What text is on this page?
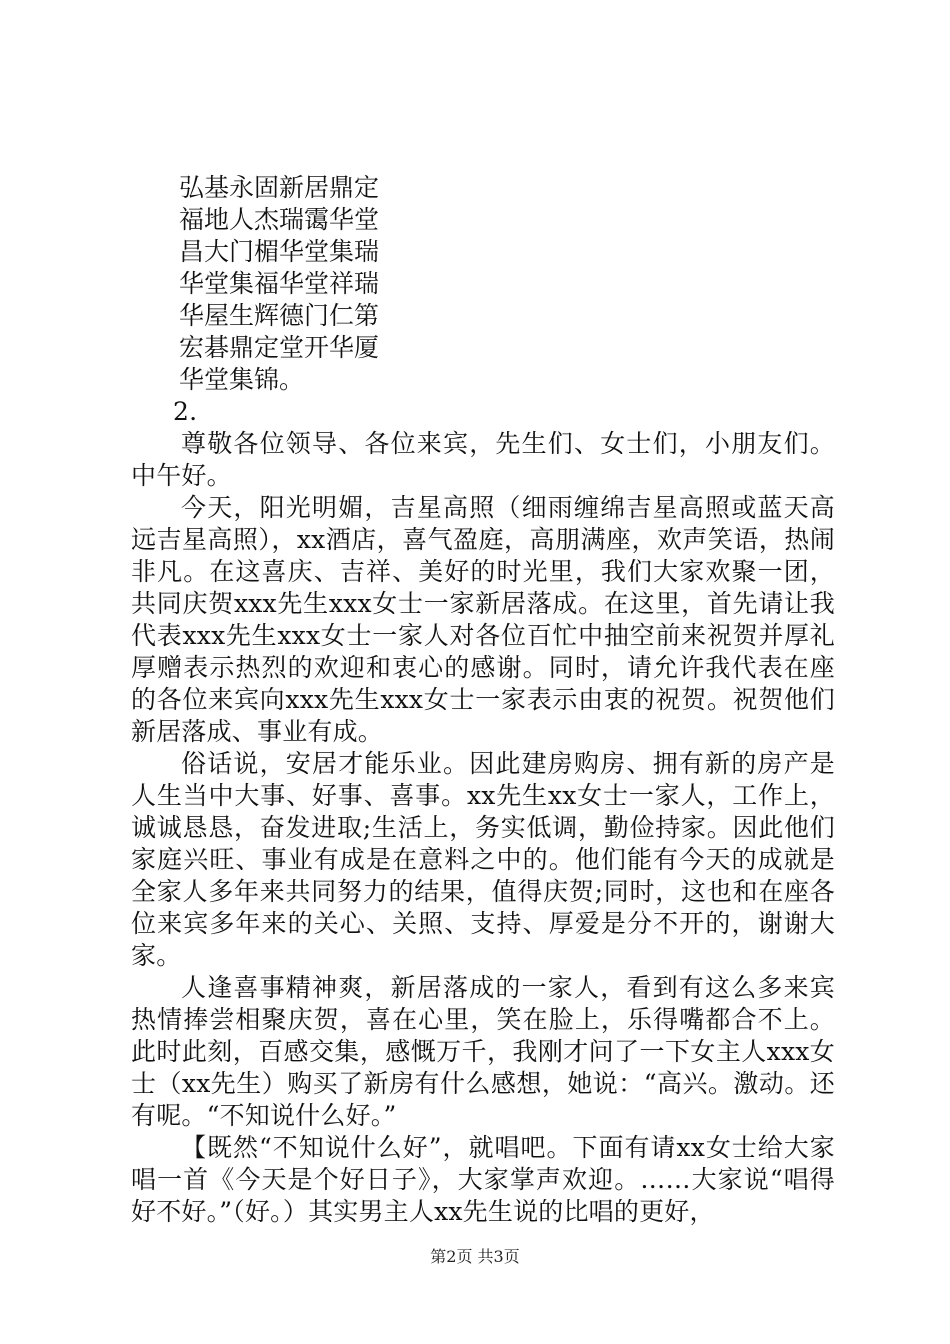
弘基永固新居鼎定
福地人杰瑞霭华堂
昌大门楣华堂集瑞
华堂集福华堂祥瑞
华屋生辉德门仁第
宏碁鼎定堂开华厦
华堂集锦。

2.

尊敬各位领导、各位来宾，先生们、女士们，小朋友们。中午好。

今天，阳光明媚，吉星高照（细雨缠绵吉星高照或蓝天高远吉星高照），xx酒店，喜气盈庭，高朋满座，欢声笑语，热闹非凡。在这喜庆、吉祥、美好的时光里，我们大家欢聚一团，共同庆贺xxx先生xxx女士一家新居落成。在这里，首先请让我代表xxx先生xxx女士一家人对各位百忙中抽空前来祝贺并厚礼厚赠表示热烈的欢迎和衷心的感谢。同时，请允许我代表在座的各位来宾向xxx先生xxx女士一家表示由衷的祝贺。祝贺他们新居落成、事业有成。

俗话说，安居才能乐业。因此建房购房、拥有新的房产是人生当中大事、好事、喜事。xx先生xx女士一家人，工作上，诚诚恳恳，奋发进取;生活上，务实低调，勤俭持家。因此他们家庭兴旺、事业有成是在意料之中的。他们能有今天的成就是全家人多年来共同努力的结果，值得庆贺;同时，这也和在座各位来宾多年来的关心、关照、支持、厚爱是分不开的，谢谢大家。

人逢喜事精神爽，新居落成的一家人，看到有这么多来宾热情捧尝相聚庆贺，喜在心里，笑在脸上，乐得嘴都合不上。此时此刻，百感交集，感慨万千，我刚才问了一下女主人xxx女士（xx先生）购买了新房有什么感想，她说：“高兴。激动。还有呢。“不知说什么好。”

【既然“不知说什么好”，就唱吧。下面有请xx女士给大家唱一首《今天是个好日子》，大家掌声欢迎。……大家说“唱得好不好。”（好。）其实男主人xx先生说的比唱的更好，

第2页 共3页
